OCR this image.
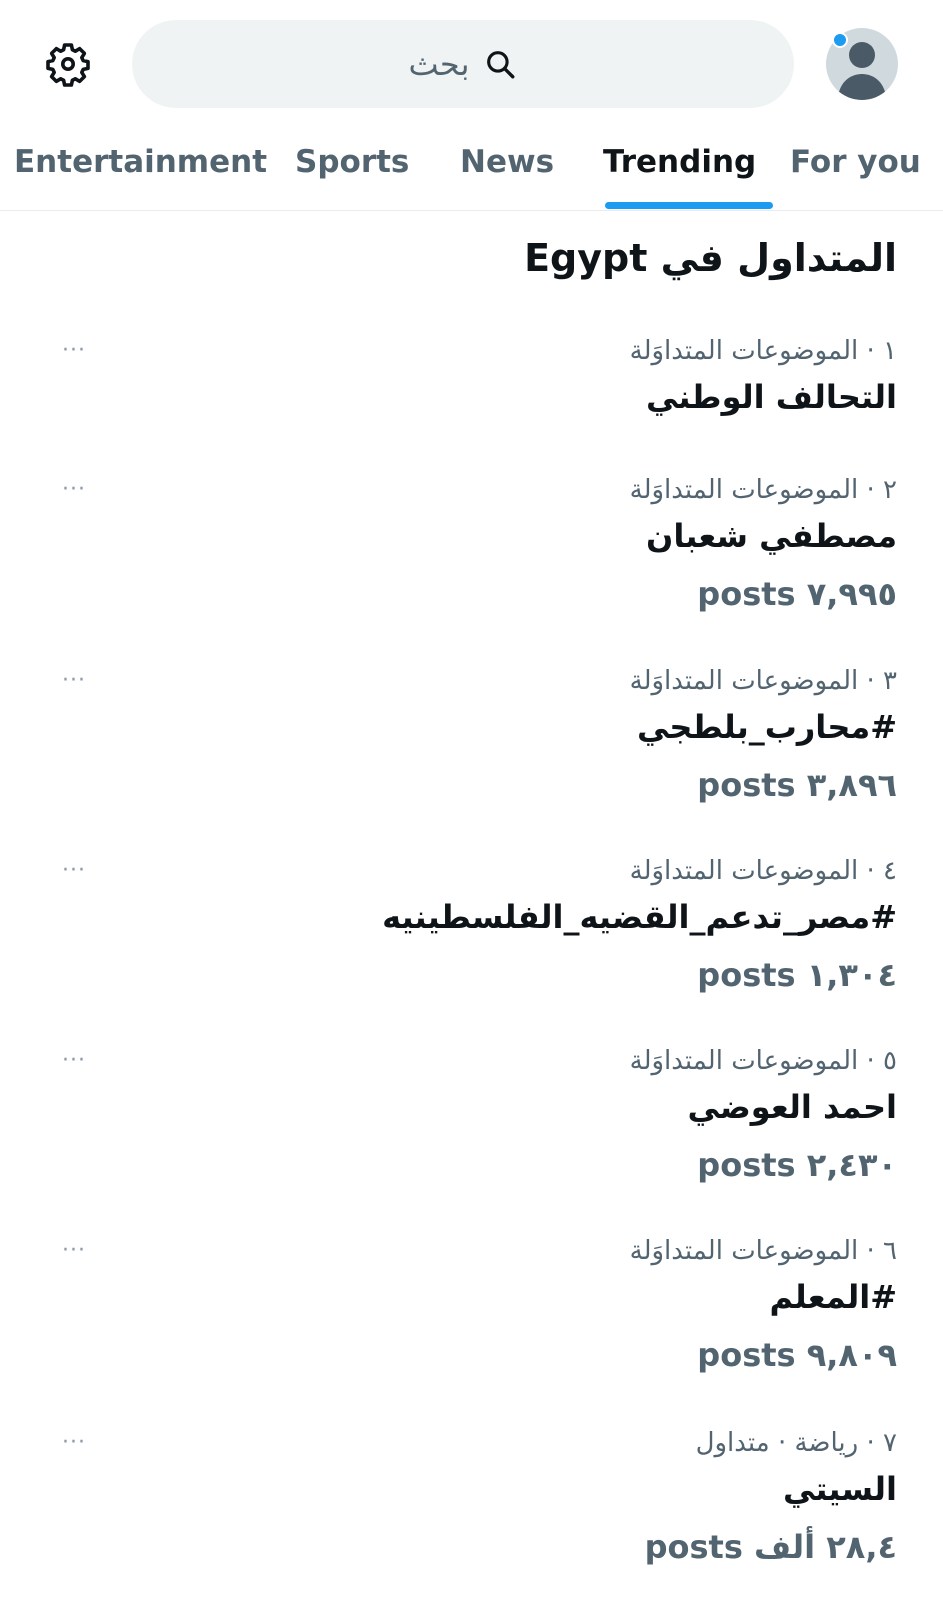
بحث
Entertainment Sports News Trending For you
المتداول في Egypt
١ · الموضوعات المتداوَلة
التحالف الوطني
···
٢ · الموضوعات المتداوَلة
مصطفي شعبان
posts ٧,٩٩٥
···
٣ · الموضوعات المتداوَلة
#محارب_بلطجي
posts ٣,٨٩٦
···
٤ · الموضوعات المتداوَلة
#مصر_تدعم_القضيه_الفلسطينيه
posts ١,٣٠٤
···
٥ · الموضوعات المتداوَلة
احمد العوضي
posts ٢,٤٣٠
···
٦ · الموضوعات المتداوَلة
#المعلم
posts ٩,٨٠٩
···
٧ · رياضة · متداول
السيتي
posts ٢٨,٤ ألف
···
